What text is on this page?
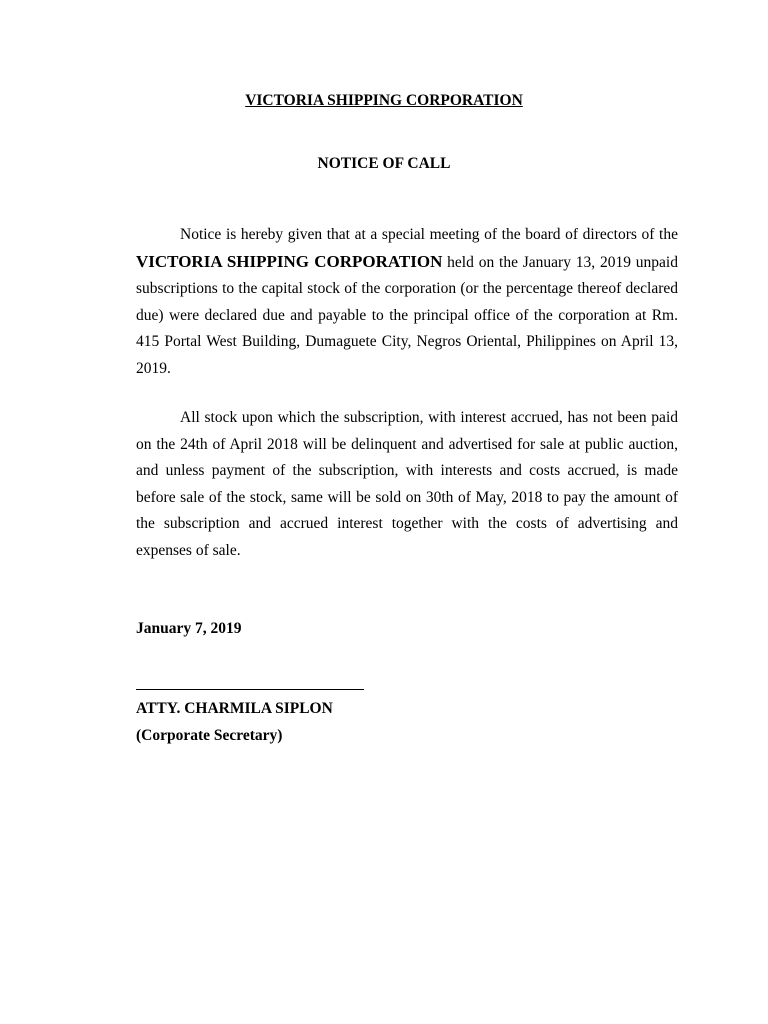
VICTORIA SHIPPING CORPORATION
NOTICE OF CALL
Notice is hereby given that at a special meeting of the board of directors of the VICTORIA SHIPPING CORPORATION held on the January 13, 2019 unpaid subscriptions to the capital stock of the corporation (or the percentage thereof declared due) were declared due and payable to the principal office of the corporation at Rm. 415 Portal West Building, Dumaguete City, Negros Oriental, Philippines on April 13, 2019.
All stock upon which the subscription, with interest accrued, has not been paid on the 24th of April 2018 will be delinquent and advertised for sale at public auction, and unless payment of the subscription, with interests and costs accrued, is made before sale of the stock, same will be sold on 30th of May, 2018 to pay the amount of the subscription and accrued interest together with the costs of advertising and expenses of sale.
January 7, 2019
ATTY. CHARMILA SIPLON
(Corporate Secretary)
